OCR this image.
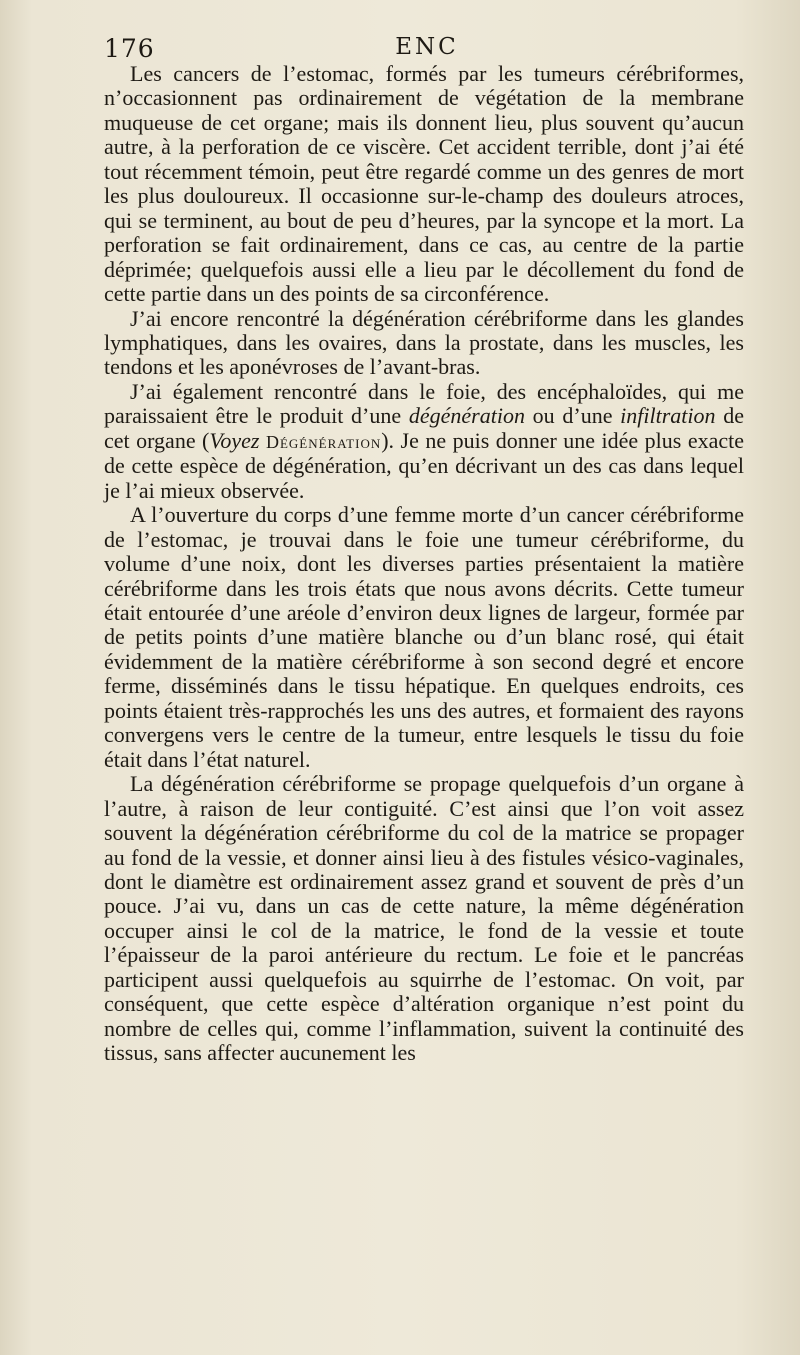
176	ENC

Les cancers de l’estomac, formés par les tumeurs cérébriformes, n’occasionnent pas ordinairement de végétation de la membrane muqueuse de cet organe; mais ils donnent lieu, plus souvent qu’aucun autre, à la perforation de ce viscère. Cet accident terrible, dont j’ai été tout récemment témoin, peut être regardé comme un des genres de mort les plus douloureux. Il occasionne sur-le-champ des douleurs atroces, qui se terminent, au bout de peu d’heures, par la syncope et la mort. La perforation se fait ordinairement, dans ce cas, au centre de la partie déprimée; quelquefois aussi elle a lieu par le décollement du fond de cette partie dans un des points de sa circonférence.

J’ai encore rencontré la dégénération cérébriforme dans les glandes lymphatiques, dans les ovaires, dans la prostate, dans les muscles, les tendons et les aponévroses de l’avant-bras.

J’ai également rencontré dans le foie, des encéphaloïdes, qui me paraissaient être le produit d’une dégénération ou d’une infiltration de cet organe (Voyez Dégénération). Je ne puis donner une idée plus exacte de cette espèce de dégénération, qu’en décrivant un des cas dans lequel je l’ai mieux observée.

A l’ouverture du corps d’une femme morte d’un cancer cérébriforme de l’estomac, je trouvai dans le foie une tumeur cérébriforme, du volume d’une noix, dont les diverses parties présentaient la matière cérébriforme dans les trois états que nous avons décrits. Cette tumeur était entourée d’une aréole d’environ deux lignes de largeur, formée par de petits points d’une matière blanche ou d’un blanc rosé, qui était évidemment de la matière cérébriforme à son second degré et encore ferme, disséminés dans le tissu hépatique. En quelques endroits, ces points étaient très-rapprochés les uns des autres, et formaient des rayons convergens vers le centre de la tumeur, entre lesquels le tissu du foie était dans l’état naturel.

La dégénération cérébriforme se propage quelquefois d’un organe à l’autre, à raison de leur contiguité. C’est ainsi que l’on voit assez souvent la dégénération cérébriforme du col de la matrice se propager au fond de la vessie, et donner ainsi lieu à des fistules vésico-vaginales, dont le diamètre est ordinairement assez grand et souvent de près d’un pouce. J’ai vu, dans un cas de cette nature, la même dégénération occuper ainsi le col de la matrice, le fond de la vessie et toute l’épaisseur de la paroi antérieure du rectum. Le foie et le pancréas participent aussi quelquefois au squirrhe de l’estomac. On voit, par conséquent, que cette espèce d’altération organique n’est point du nombre de celles qui, comme l’inflammation, suivent la continuité des tissus, sans affecter aucunement les
